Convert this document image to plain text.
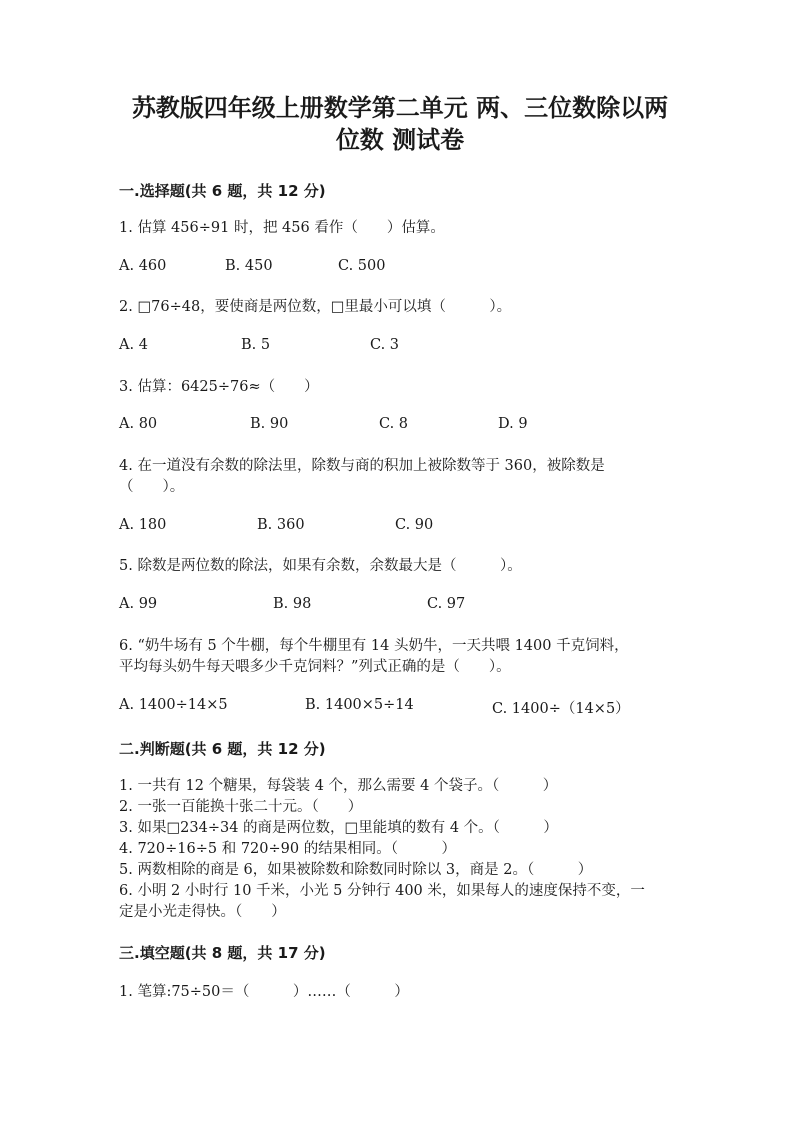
苏教版四年级上册数学第二单元 两、三位数除以两
位数 测试卷
一.选择题(共 6 题，共 12 分)
1. 估算 456÷91 时，把 456 看作（　　）估算。
A. 460	B. 450	C. 500
2. □76÷48，要使商是两位数，□里最小可以填（　　　）。
A. 4	B. 5	C. 3
3. 估算：6425÷76≈（　　）
A. 80	B. 90	C. 8	D. 9
4. 在一道没有余数的除法里，除数与商的积加上被除数等于 360，被除数是
（　　）。
A. 180	B. 360	C. 90
5. 除数是两位数的除法，如果有余数，余数最大是（　　　）。
A. 99	B. 98	C. 97
6. “奶牛场有 5 个牛棚，每个牛棚里有 14 头奶牛，一天共喂 1400 千克饲料，
平均每头奶牛每天喂多少千克饲料？”列式正确的是（　　）。
A. 1400÷14×5	B. 1400×5÷14	C. 1400÷（14×5）
二.判断题(共 6 题，共 12 分)
1. 一共有 12 个糖果，每袋装 4 个，那么需要 4 个袋子。（　　　）
2. 一张一百能换十张二十元。（　　）
3. 如果□234÷34 的商是两位数，□里能填的数有 4 个。（　　　）
4. 720÷16÷5 和 720÷90 的结果相同。（　　　）
5. 两数相除的商是 6，如果被除数和除数同时除以 3，商是 2。（　　　）
6. 小明 2 小时行 10 千米，小光 5 分钟行 400 米，如果每人的速度保持不变，一
定是小光走得快。（　　）
三.填空题(共 8 题，共 17 分)
1. 笔算:75÷50＝（　　　）……（　　　）
